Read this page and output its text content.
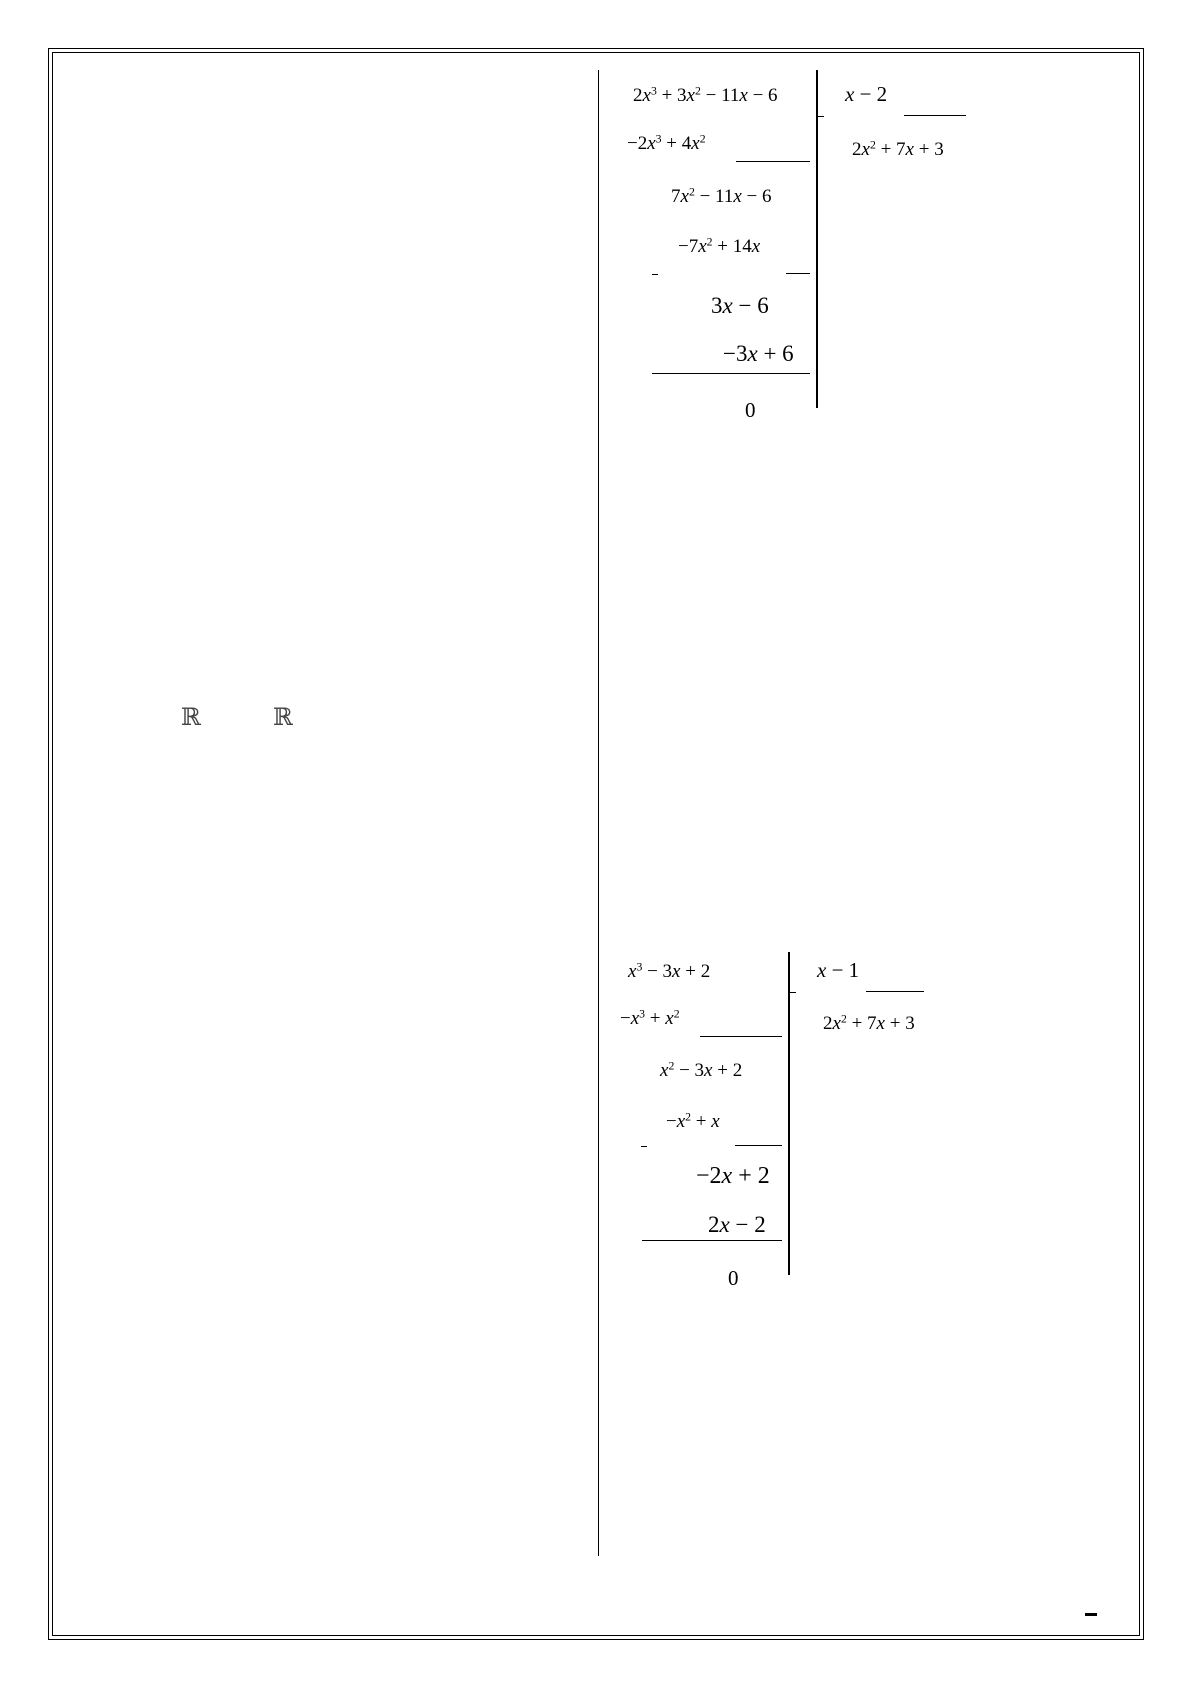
ℝ	ℝ
$2x^3 + 3x^2 - 11x - 6$	x − 2
$2x^2 + 7x + 3$
$-2x^3 + 4x^2$
$7x^2 - 11x - 6$
$-7x^2 + 14x$
3x − 6
−3x + 6
0
$x^3 - 3x + 2$	x − 1
$2x^2 + 7x + 3$
$-x^3 + x^2$
$x^2 - 3x + 2$
$-x^2 + x$
−2x + 2
2x − 2
0
